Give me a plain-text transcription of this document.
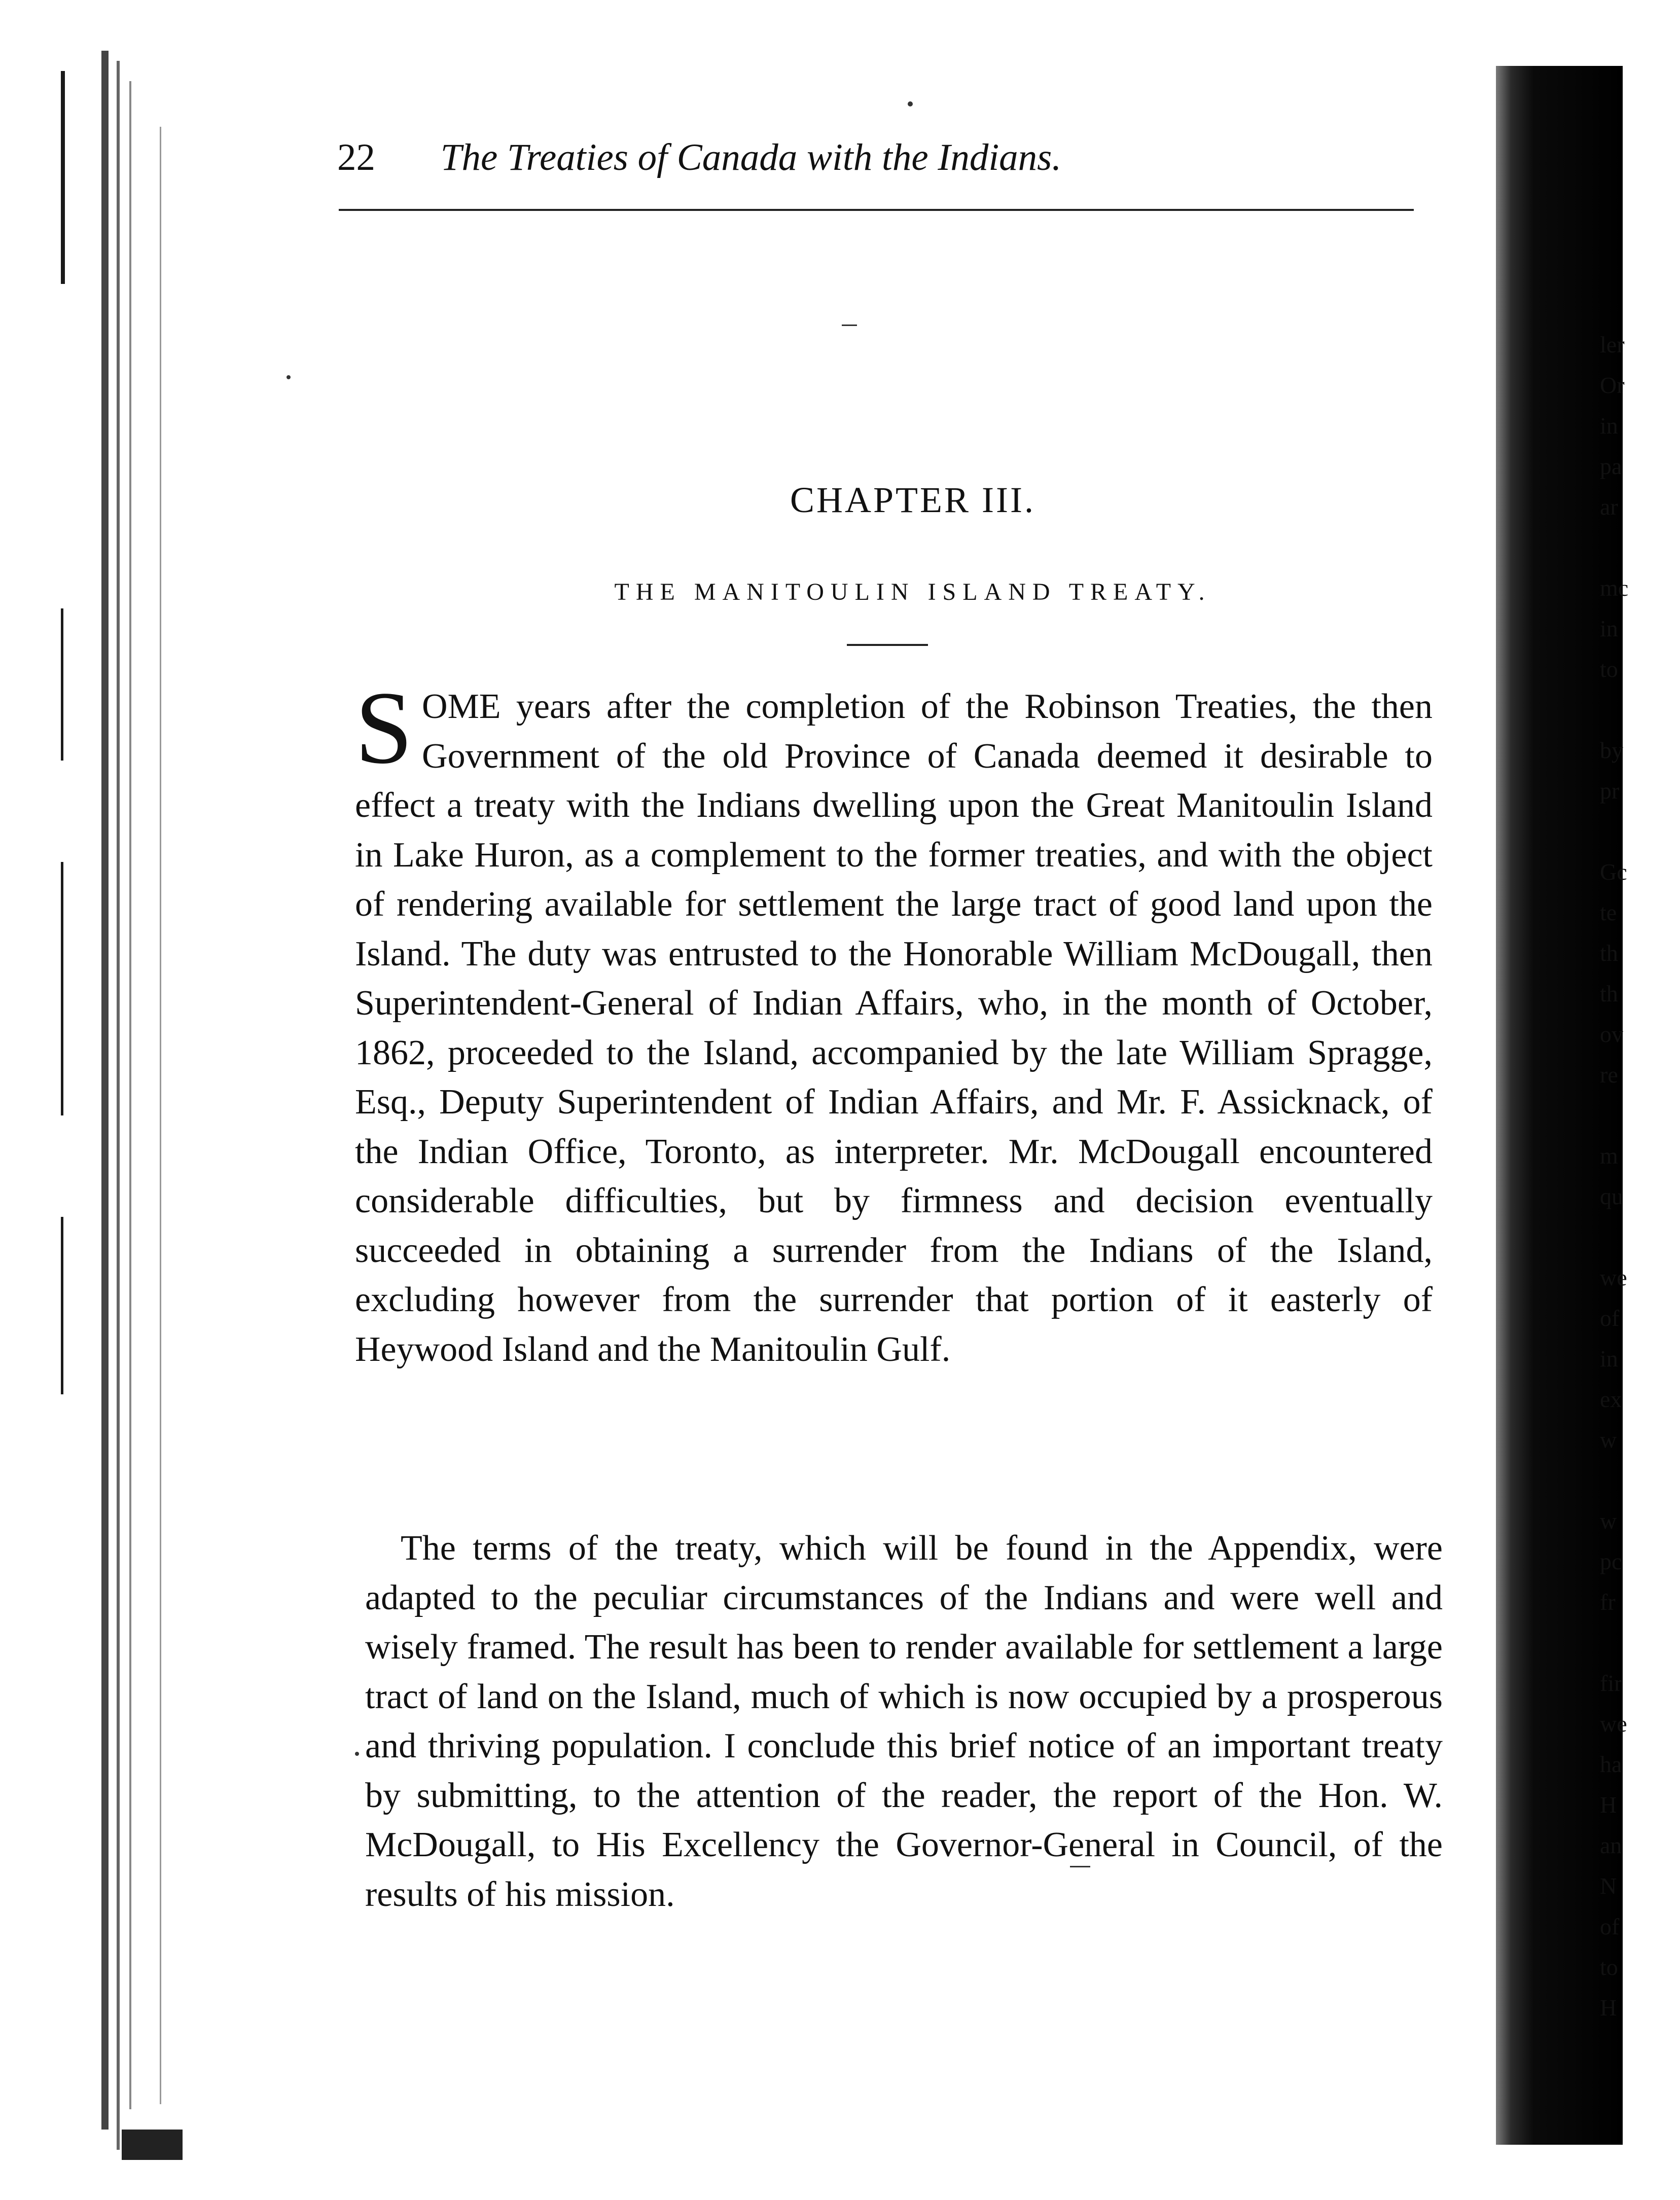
ler
Or
in
pa
ar

mc
in
to

by
pr

Gc
te
th
th
ov
re

m
qu

we
of
in
ex
w

w
pc
fr

fir
we
ha
H
an
N
of
to
H
22 The Treaties of Canada with the Indians.
CHAPTER III.
THE MANITOULIN ISLAND TREATY.
SOME years after the completion of the Robinson Treaties, the then Government of the old Province of Canada deemed it desirable to effect a treaty with the Indians dwelling upon the Great Manitoulin Island in Lake Huron, as a complement to the former treaties, and with the object of rendering available for settlement the large tract of good land upon the Island. The duty was entrusted to the Honorable William McDougall, then Superintendent-General of Indian Affairs, who, in the month of October, 1862, proceeded to the Island, accompanied by the late William Spragge, Esq., Deputy Superintendent of Indian Affairs, and Mr. F. Assicknack, of the Indian Office, Toronto, as interpreter. Mr. McDougall encountered considerable difficulties, but by firmness and decision eventually succeeded in obtaining a surrender from the Indians of the Island, excluding however from the surrender that portion of it easterly of Heywood Island and the Manitoulin Gulf.
The terms of the treaty, which will be found in the Appendix, were adapted to the peculiar circumstances of the Indians and were well and wisely framed. The result has been to render available for settlement a large tract of land on the Island, much of which is now occupied by a prosperous and thriving population. I conclude this brief notice of an important treaty by submitting, to the attention of the reader, the report of the Hon. W. McDougall, to His Excellency the Governor-General in Council, of the results of his mission.
